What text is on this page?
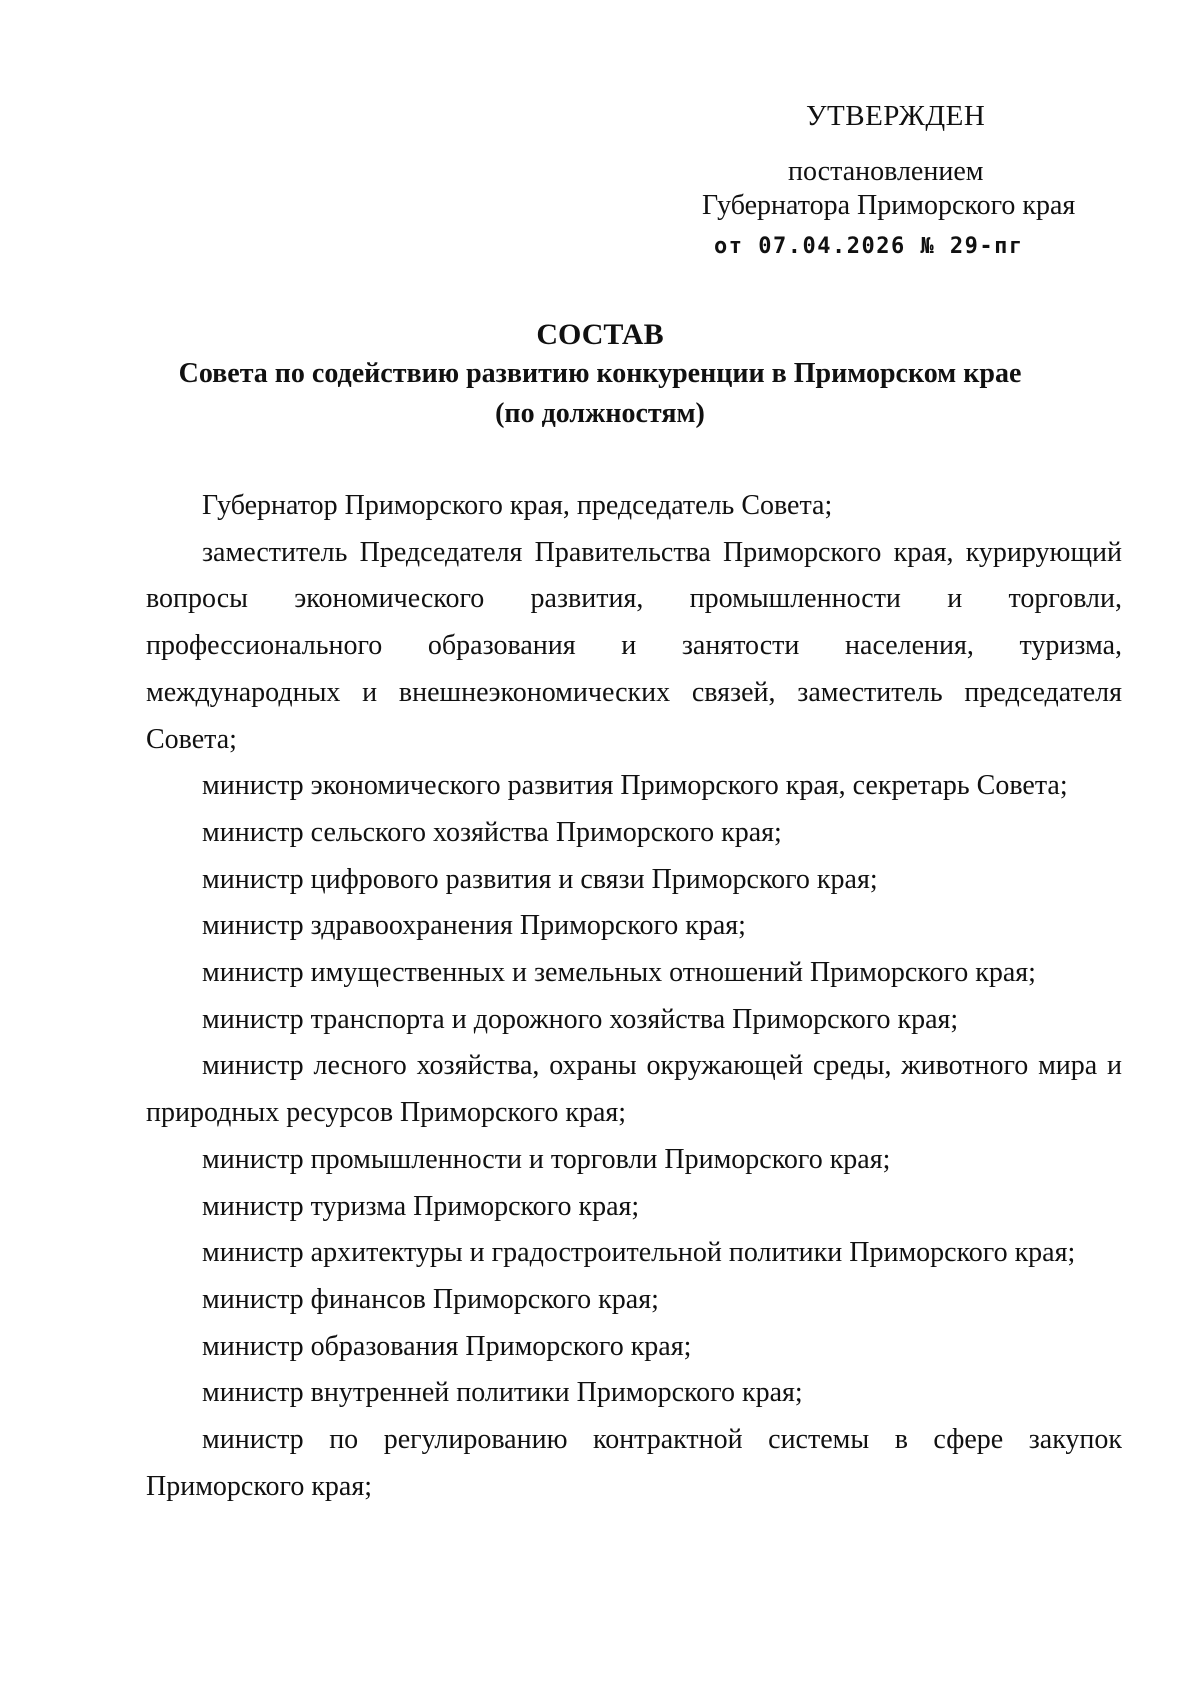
УТВЕРЖДЕН
постановлением
Губернатора Приморского края
от 07.04.2026 № 29-пг
СОСТАВ
Совета по содействию развитию конкуренции в Приморском крае
(по должностям)

Губернатор Приморского края, председатель Совета;

заместитель Председателя Правительства Приморского края, курирующий вопросы экономического развития, промышленности и торговли, профессионального образования и занятости населения, туризма, международных и внешнеэкономических связей, заместитель председателя Совета;

министр экономического развития Приморского края, секретарь Совета;

министр сельского хозяйства Приморского края;

министр цифрового развития и связи Приморского края;

министр здравоохранения Приморского края;

министр имущественных и земельных отношений Приморского края;

министр транспорта и дорожного хозяйства Приморского края;

министр лесного хозяйства, охраны окружающей среды, животного мира и природных ресурсов Приморского края;

министр промышленности и торговли Приморского края;

министр туризма Приморского края;

министр архитектуры и градостроительной политики Приморского края;

министр финансов Приморского края;

министр образования Приморского края;

министр внутренней политики Приморского края;

министр по регулированию контрактной системы в сфере закупок Приморского края;
